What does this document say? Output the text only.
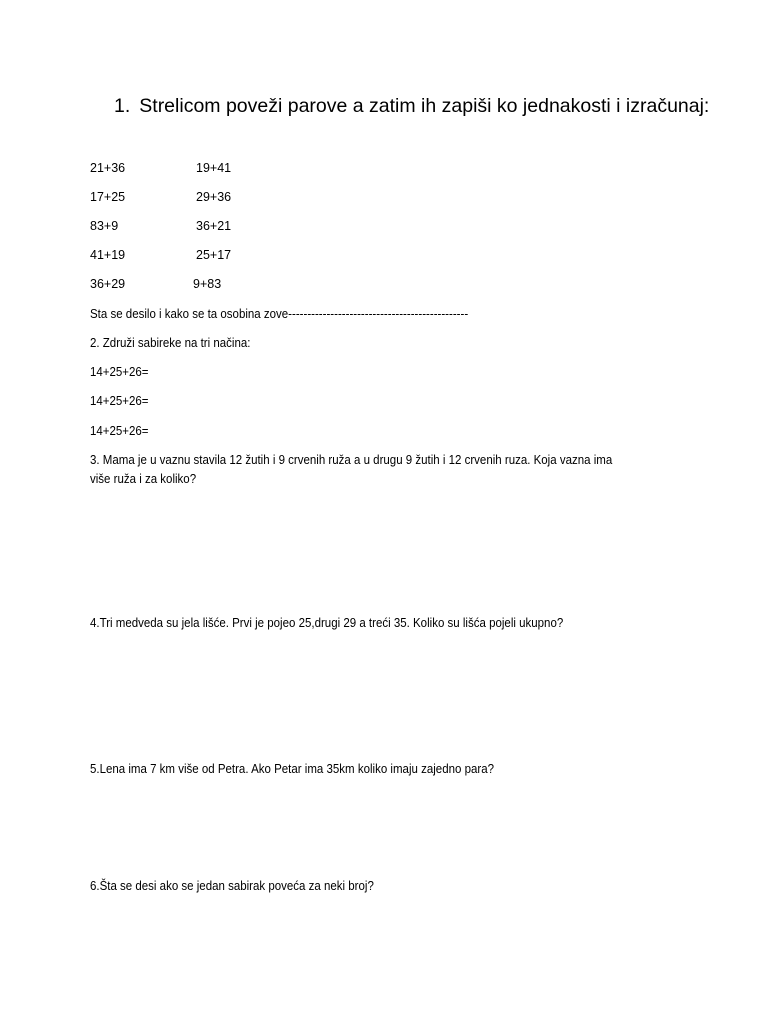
1. Strelicom poveži parove a zatim ih zapiši ko jednakosti i izračunaj:
21+36	19+41
17+25	29+36
83+9	36+21
41+19	25+17
36+29	9+83
Sta se desilo i kako se ta osobina zove-----------------------------------------------
2. Združi sabireke na tri načina:
14+25+26=
14+25+26=
14+25+26=
3. Mama je u vaznu stavila 12 žutih i 9 crvenih ruža a u drugu 9 žutih i 12 crvenih ruza. Koja vazna ima
više ruža i za koliko?
4.Tri medveda su jela lišće. Prvi je pojeo 25,drugi 29 a treći 35. Koliko su lišća pojeli ukupno?
5.Lena ima 7 km više od Petra. Ako Petar ima 35km koliko imaju zajedno para?
6.Šta se desi ako se jedan sabirak poveća za neki broj?
